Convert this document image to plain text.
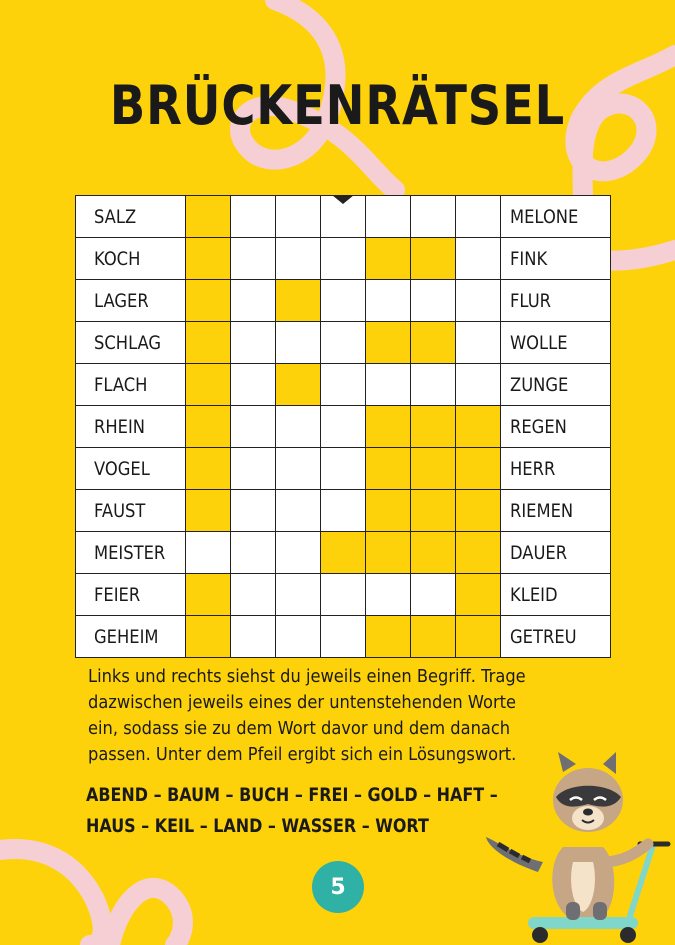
BRÜCKENRÄTSEL
SALZ	MELONE
KOCH	FINK
LAGER	FLUR
SCHLAG	WOLLE
FLACH	ZUNGE
RHEIN	REGEN
VOGEL	HERR
FAUST	RIEMEN
MEISTER	DAUER
FEIER	KLEID
GEHEIM	GETREU
Links und rechts siehst du jeweils einen Begriff. Trage
dazwischen jeweils eines der untenstehenden Worte
ein, sodass sie zu dem Wort davor und dem danach
passen. Unter dem Pfeil ergibt sich ein Lösungswort.
ABEND – BAUM – BUCH – FREI – GOLD – HAFT –
HAUS – KEIL – LAND – WASSER – WORT
5
